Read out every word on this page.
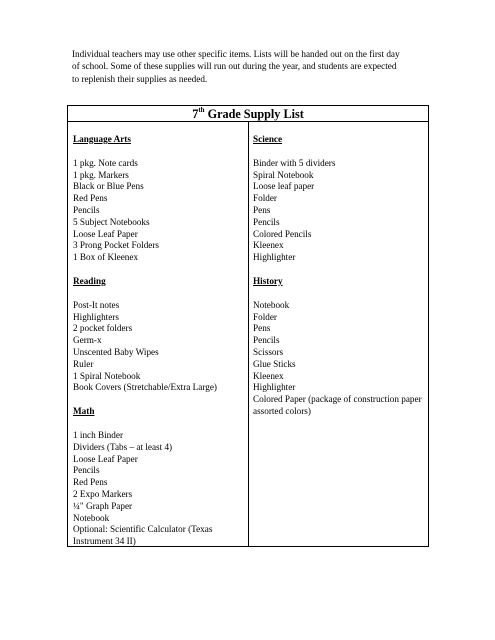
Individual teachers may use other specific items. Lists will be handed out on the first day
of school. Some of these supplies will run out during the year, and students are expected
to replenish their supplies as needed.
7th Grade Supply List
Language Arts
1 pkg. Note cards
1 pkg. Markers
Black or Blue Pens
Red Pens
Pencils
5 Subject Notebooks
Loose Leaf Paper
3 Prong Pocket Folders
1 Box of Kleenex
Reading
Post-It notes
Highlighters
2 pocket folders
Germ-x
Unscented Baby Wipes
Ruler
1 Spiral Notebook
Book Covers (Stretchable/Extra Large)
Math
1 inch Binder
Dividers (Tabs – at least 4)
Loose Leaf Paper
Pencils
Red Pens
2 Expo Markers
¼" Graph Paper
Notebook
Optional: Scientific Calculator (Texas Instrument 34 II)
Science
Binder with 5 dividers
Spiral Notebook
Loose leaf paper
Folder
Pens
Pencils
Colored Pencils
Kleenex
Highlighter
History
Notebook
Folder
Pens
Pencils
Scissors
Glue Sticks
Kleenex
Highlighter
Colored Paper (package of construction paper assorted colors)
